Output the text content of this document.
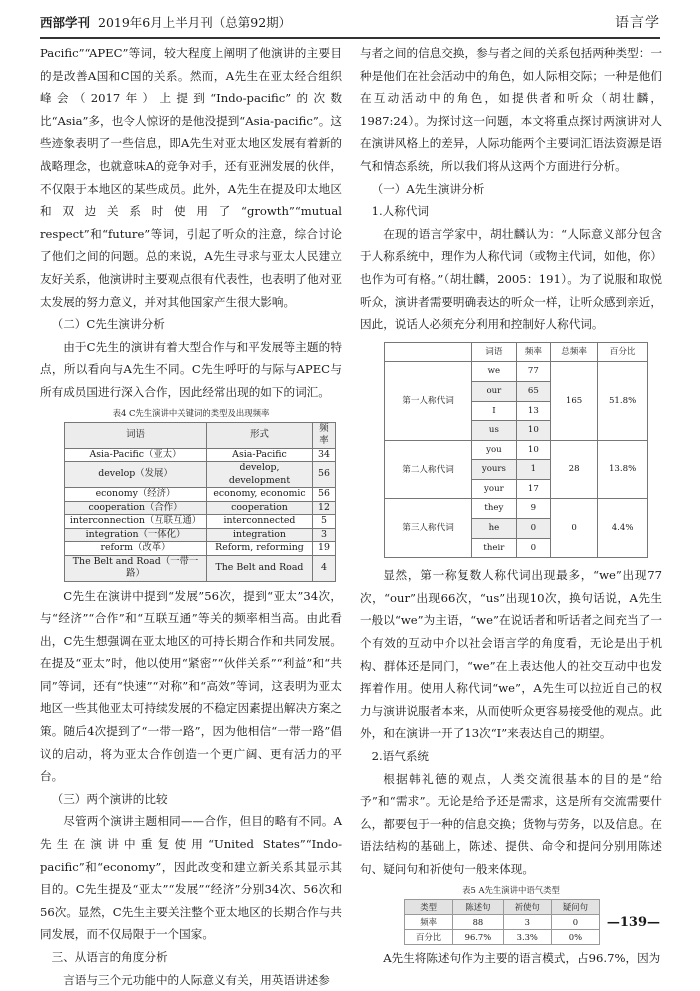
西部学刊 2019年6月上半月刊（总第92期）	语言学

Pacific”“APEC”等词，较大程度上阐明了他演讲的主要目的是改善A国和C国的关系。然而，A先生在亚太经合组织峰会（2017年）上提到“Indo-pacific”的次数比“Asia”多，也令人惊讶的是他没提到“Asia-pacific”。这些迹象表明了一些信息，即A先生对亚太地区发展有着新的战略理念，也就意味A的竞争对手，还有亚洲发展的伙伴，不仅限于本地区的某些成员。此外，A先生在提及印太地区和双边关系时使用了“growth”“mutual respect”和“future”等词，引起了听众的注意，综合讨论了他们之间的问题。总的来说，A先生寻求与亚太人民建立友好关系，他演讲时主要观点很有代表性，也表明了他对亚太发展的努力意义，并对其他国家产生很大影响。

（二）C先生演讲分析

由于C先生的演讲有着大型合作与和平发展等主题的特点，所以看向与A先生不同。C先生呼吁的与际与APEC与所有成员国进行深入合作，因此经常出现的如下的词汇。

表4 C先生演讲中关键词的类型及出现频率
词语	形式	频率
Asia-Pacific（亚太）	Asia-Pacific	34
develop（发展）	develop, development	56
economy（经济）	economy, economic	56
cooperation（合作）	cooperation	12
interconnection（互联互通）	interconnected	5
integration（一体化）	integration	3
reform（改革）	Reform, reforming	19
The Belt and Road（一带一路）	The Belt and Road	4

C先生在演讲中提到“发展”56次，提到“亚太”34次，与“经济”“合作”和“互联互通”等关的频率相当高。由此看出，C先生想强调在亚太地区的可持长期合作和共同发展。在提及“亚太”时，他以使用“紧密”“伙伴关系”“利益”和“共同”等词，还有“快速”“对称”和“高效”等词，这表明为亚太地区一些其他亚太可持续发展的不稳定因素提出解决方案之策。随后4次提到了“一带一路”，因为他相信“一带一路”倡议的启动，将为亚太合作创造一个更广阔、更有活力的平台。

（三）两个演讲的比较

尽管两个演讲主题相同——合作，但目的略有不同。A先生在演讲中重复使用“United States”“Indo-pacific”和“economy”，因此改变和建立新关系其显示其目的。C先生提及“亚太”“发展”“经济”分别34次、56次和56次。显然，C先生主要关注整个亚太地区的长期合作与共同发展，而不仅局限于一个国家。

三、从语言的角度分析

言语与三个元功能中的人际意义有关，用英语讲述参

与者之间的信息交换，参与者之间的关系包括两种类型：一种是他们在社会活动中的角色，如人际相交际；一种是他们在互动活动中的角色，如提供者和听众（胡壮麟，1987:24）。为探讨这一问题，本文将重点探讨两演讲对人在演讲风格上的差异，人际功能两个主要词汇语法资源是语气和情态系统，所以我们将从这两个方面进行分析。

（一）A先生演讲分析
1.人称代词

在现的语言学家中，胡壮麟认为：“人际意义部分包含于人称系统中，理作为人称代词（或物主代词，如他，你）也作为可有格。”（胡壮麟，2005：191）。为了说服和取悦听众，演讲者需要明确表达的听众一样，让听众感到亲近，因此，说话人必须充分利用和控制好人称代词。

	词语	频率	总频率	百分比
第一人称代词	we	77	165	51.8%
	our	65		
	I	13		
	us	10		
第二人称代词	you	10	28	13.8%
	yours	1		
	your	17		
第三人称代词	they	9	0	4.4%
	he	0		
	their	0		

显然，第一称复数人称代词出现最多，“we”出现77次，“our”出现66次，“us”出现10次，换句话说，A先生一般以“we”为主语，“we”在说话者和听话者之间充当了一个有效的互动中介以社会语言学的角度看，无论是出于机构、群体还是同门，“we”在上表达他人的社交互动中也发挥着作用。使用人称代词“we”，A先生可以拉近自己的权力与演讲说服者本来，从而使听众更容易接受他的观点。此外，和在演讲一开了13次“I”来表达自己的期望。

2.语气系统

根据韩礼德的观点，人类交流很基本的目的是“给予”和“需求”。无论是给予还是需求，这是所有交流需要什么，都要包于一种的信息交换；货物与劳务，以及信息。在语法结构的基础上，陈述、提供、命令和提问分别用陈述句、疑问句和祈使句一般来体现。

表5 A先生演讲中语气类型
类型	陈述句	祈使句	疑问句
频率	88	3	0
百分比	96.7%	3.3%	0%

A先生将陈述句作为主要的语言模式，占96.7%，因为

—139—
